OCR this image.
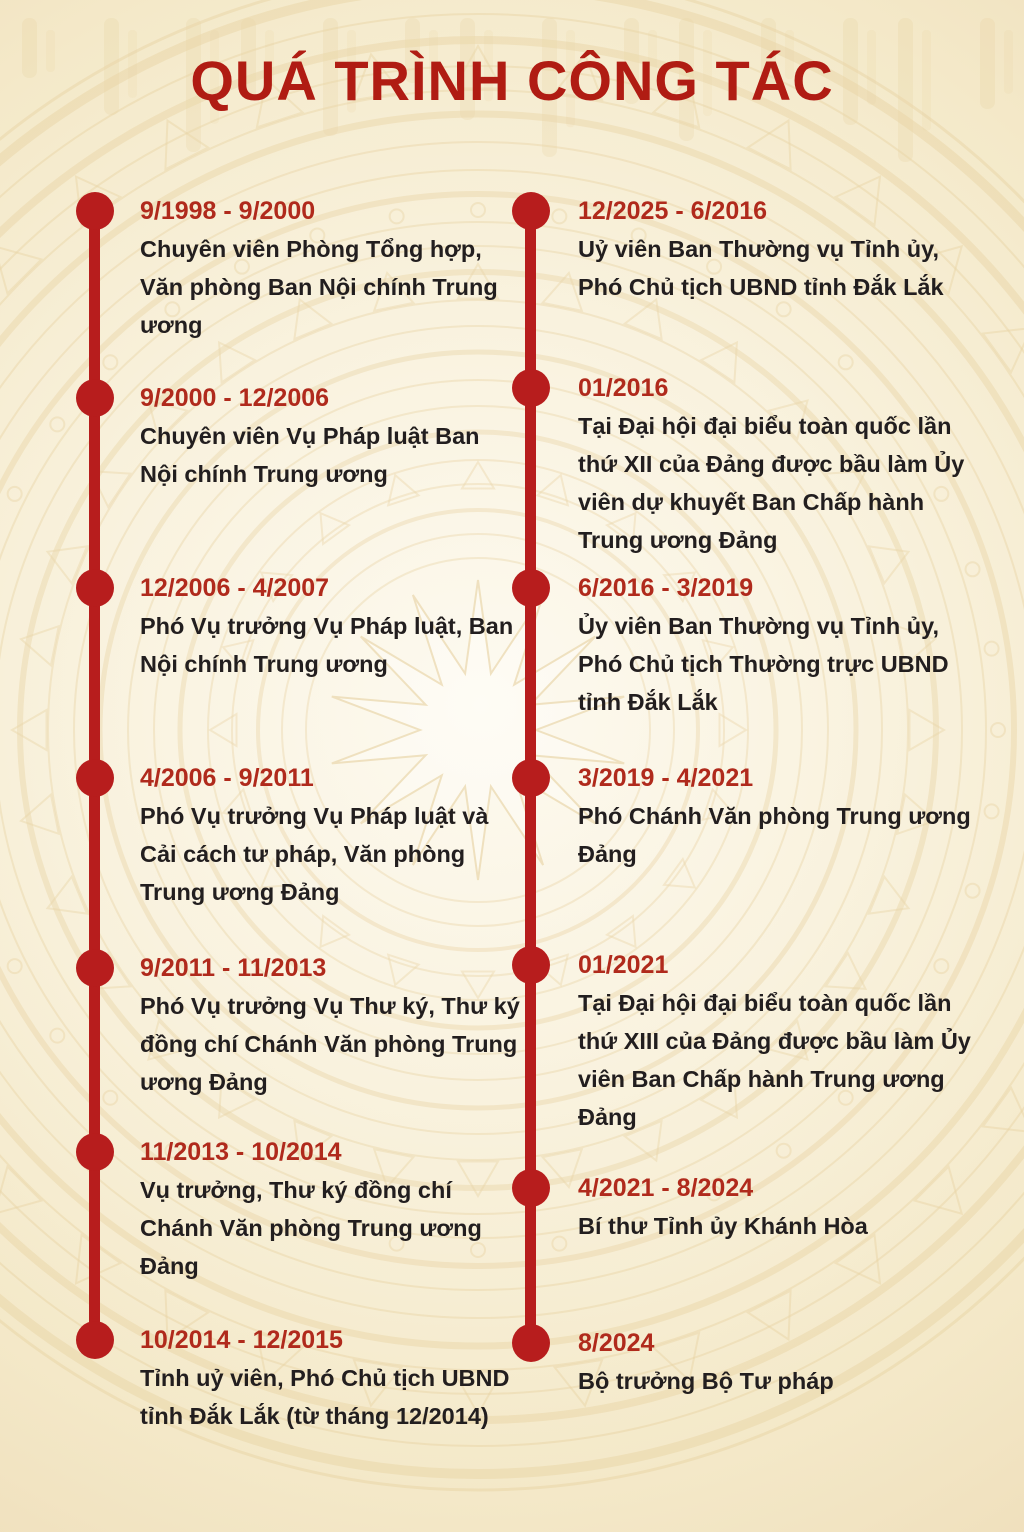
QUÁ TRÌNH CÔNG TÁC
9/1998 - 9/2000
Chuyên viên Phòng Tổng hợp, Văn phòng Ban Nội chính Trung ương
9/2000 - 12/2006
Chuyên viên Vụ Pháp luật Ban Nội chính Trung ương
12/2006 - 4/2007
Phó Vụ trưởng Vụ Pháp luật, Ban Nội chính Trung ương
4/2006 - 9/2011
Phó Vụ trưởng Vụ Pháp luật và Cải cách tư pháp, Văn phòng Trung ương Đảng
9/2011 - 11/2013
Phó Vụ trưởng Vụ Thư ký, Thư ký đồng chí Chánh Văn phòng Trung ương Đảng
11/2013 - 10/2014
Vụ trưởng, Thư ký đồng chí Chánh Văn phòng Trung ương Đảng
10/2014 - 12/2015
Tỉnh uỷ viên, Phó Chủ tịch UBND tỉnh Đắk Lắk (từ tháng 12/2014)
12/2025 - 6/2016
Uỷ viên Ban Thường vụ Tỉnh ủy, Phó Chủ tịch UBND tỉnh Đắk Lắk
01/2016
Tại Đại hội đại biểu toàn quốc lần thứ XII của Đảng được bầu làm Ủy viên dự khuyết Ban Chấp hành Trung ương Đảng
6/2016 - 3/2019
Ủy viên Ban Thường vụ Tỉnh ủy, Phó Chủ tịch Thường trực UBND tỉnh Đắk Lắk
3/2019 - 4/2021
Phó Chánh Văn phòng Trung ương Đảng
01/2021
Tại Đại hội đại biểu toàn quốc lần thứ XIII của Đảng được bầu làm Ủy viên Ban Chấp hành Trung ương Đảng
4/2021 - 8/2024
Bí thư Tỉnh ủy Khánh Hòa
8/2024
Bộ trưởng Bộ Tư pháp
